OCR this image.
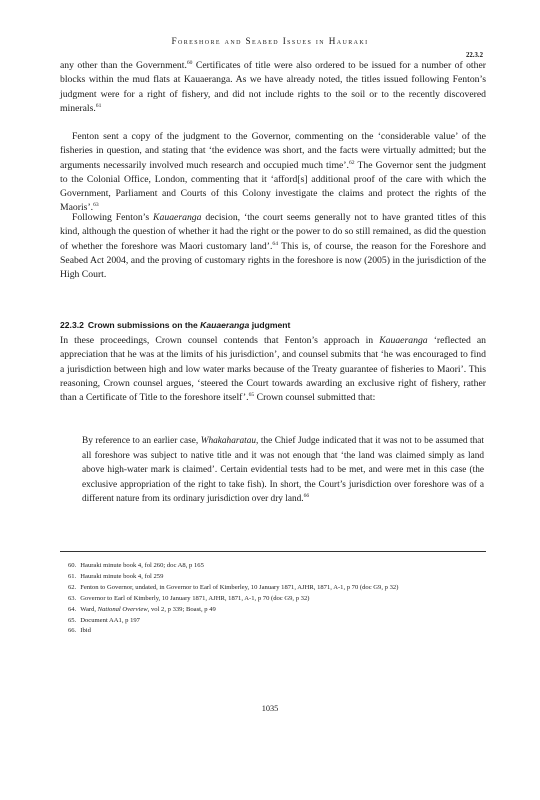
Foreshore and Seabed Issues in Hauraki
22.3.2

any other than the Government.$^{60}$ Certificates of title were also ordered to be issued for a number of other blocks within the mud flats at Kauaeranga. As we have already noted, the titles issued following Fenton’s judgment were for a right of fishery, and did not include rights to the soil or to the recently discovered minerals.$^{61}$

Fenton sent a copy of the judgment to the Governor, commenting on the ‘considerable value’ of the fisheries in question, and stating that ‘the evidence was short, and the facts were virtually admitted; but the arguments necessarily involved much research and occupied much time’.$^{62}$ The Governor sent the judgment to the Colonial Office, London, commenting that it ‘afford[s] additional proof of the care with which the Government, Parliament and Courts of this Colony investigate the claims and protect the rights of the Maoris’.$^{63}$

Following Fenton’s Kauaeranga decision, ‘the court seems generally not to have granted titles of this kind, although the question of whether it had the right or the power to do so still remained, as did the question of whether the foreshore was Maori customary land’.$^{64}$ This is, of course, the reason for the Foreshore and Seabed Act 2004, and the proving of customary rights in the foreshore is now (2005) in the jurisdiction of the High Court.

22.3.2 Crown submissions on the Kauaeranga judgment

In these proceedings, Crown counsel contends that Fenton’s approach in Kauaeranga ‘reflected an appreciation that he was at the limits of his jurisdiction’, and counsel submits that ‘he was encouraged to find a jurisdiction between high and low water marks because of the Treaty guarantee of fisheries to Maori’. This reasoning, Crown counsel argues, ‘steered the Court towards awarding an exclusive right of fishery, rather than a Certificate of Title to the foreshore itself’.$^{65}$ Crown counsel submitted that:

By reference to an earlier case, Whakaharatau, the Chief Judge indicated that it was not to be assumed that all foreshore was subject to native title and it was not enough that ‘the land was claimed simply as land above high-water mark is claimed’. Certain evidential tests had to be met, and were met in this case (the exclusive appropriation of the right to take fish). In short, the Court’s jurisdiction over foreshore was of a different nature from its ordinary jurisdiction over dry land.$^{66}$

60. Hauraki minute book 4, fol 260; doc A8, p 165

61. Hauraki minute book 4, fol 259

62. Fenton to Governor, undated, in Governor to Earl of Kimberley, 10 January 1871, AJHR, 1871, A-1, p 70 (doc G9, p 32)

63. Governor to Earl of Kimberly, 10 January 1871, AJHR, 1871, A-1, p 70 (doc G9, p 32)

64. Ward, National Overview, vol 2, p 339; Boast, p 49

65. Document AA1, p 197

66. Ibid

1035
